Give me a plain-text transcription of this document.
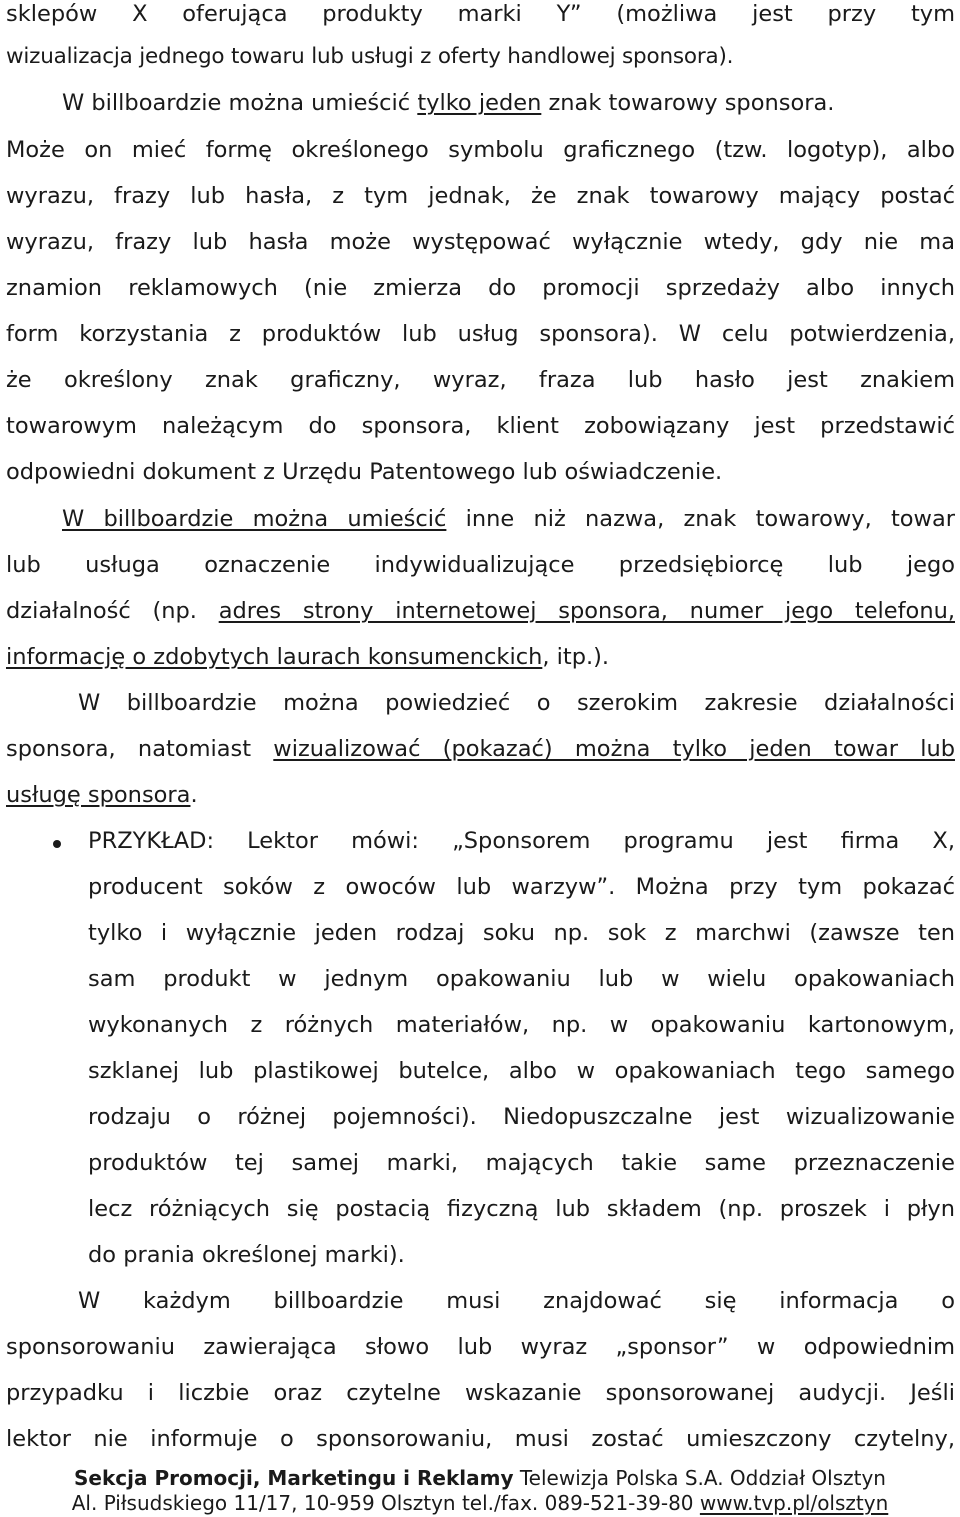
sklepów X oferująca produkty marki Y” (możliwa jest przy tym
wizualizacja jednego towaru lub usługi z oferty handlowej sponsora).
W billboardzie można umieścić tylko jeden znak towarowy sponsora.
Może on mieć formę określonego symbolu graficznego (tzw. logotyp), albo
wyrazu, frazy lub hasła, z tym jednak, że znak towarowy mający postać
wyrazu, frazy lub hasła może występować wyłącznie wtedy, gdy nie ma
znamion reklamowych (nie zmierza do promocji sprzedaży albo innych
form korzystania z produktów lub usług sponsora). W celu potwierdzenia,
że określony znak graficzny, wyraz, fraza lub hasło jest znakiem
towarowym należącym do sponsora, klient zobowiązany jest przedstawić
odpowiedni dokument z Urzędu Patentowego lub oświadczenie.
W billboardzie można umieścić inne niż nazwa, znak towarowy, towar
lub usługa oznaczenie indywidualizujące przedsiębiorcę lub jego
działalność (np. adres strony internetowej sponsora, numer jego telefonu,
informację o zdobytych laurach konsumenckich, itp.).
W billboardzie można powiedzieć o szerokim zakresie działalności
sponsora, natomiast wizualizować (pokazać) można tylko jeden towar lub
usługę sponsora.
PRZYKŁAD: Lektor mówi: „Sponsorem programu jest firma X,
producent soków z owoców lub warzyw”. Można przy tym pokazać
tylko i wyłącznie jeden rodzaj soku np. sok z marchwi (zawsze ten
sam produkt w jednym opakowaniu lub w wielu opakowaniach
wykonanych z różnych materiałów, np. w opakowaniu kartonowym,
szklanej lub plastikowej butelce, albo w opakowaniach tego samego
rodzaju o różnej pojemności). Niedopuszczalne jest wizualizowanie
produktów tej samej marki, mających takie same przeznaczenie
lecz różniących się postacią fizyczną lub składem (np. proszek i płyn
do prania określonej marki).
W każdym billboardzie musi znajdować się informacja o
sponsorowaniu zawierająca słowo lub wyraz „sponsor” w odpowiednim
przypadku i liczbie oraz czytelne wskazanie sponsorowanej audycji. Jeśli
lektor nie informuje o sponsorowaniu, musi zostać umieszczony czytelny,
Sekcja Promocji, Marketingu i Reklamy Telewizja Polska S.A. Oddział Olsztyn
Al. Piłsudskiego 11/17, 10-959 Olsztyn tel./fax. 089-521-39-80 www.tvp.pl/olsztyn
